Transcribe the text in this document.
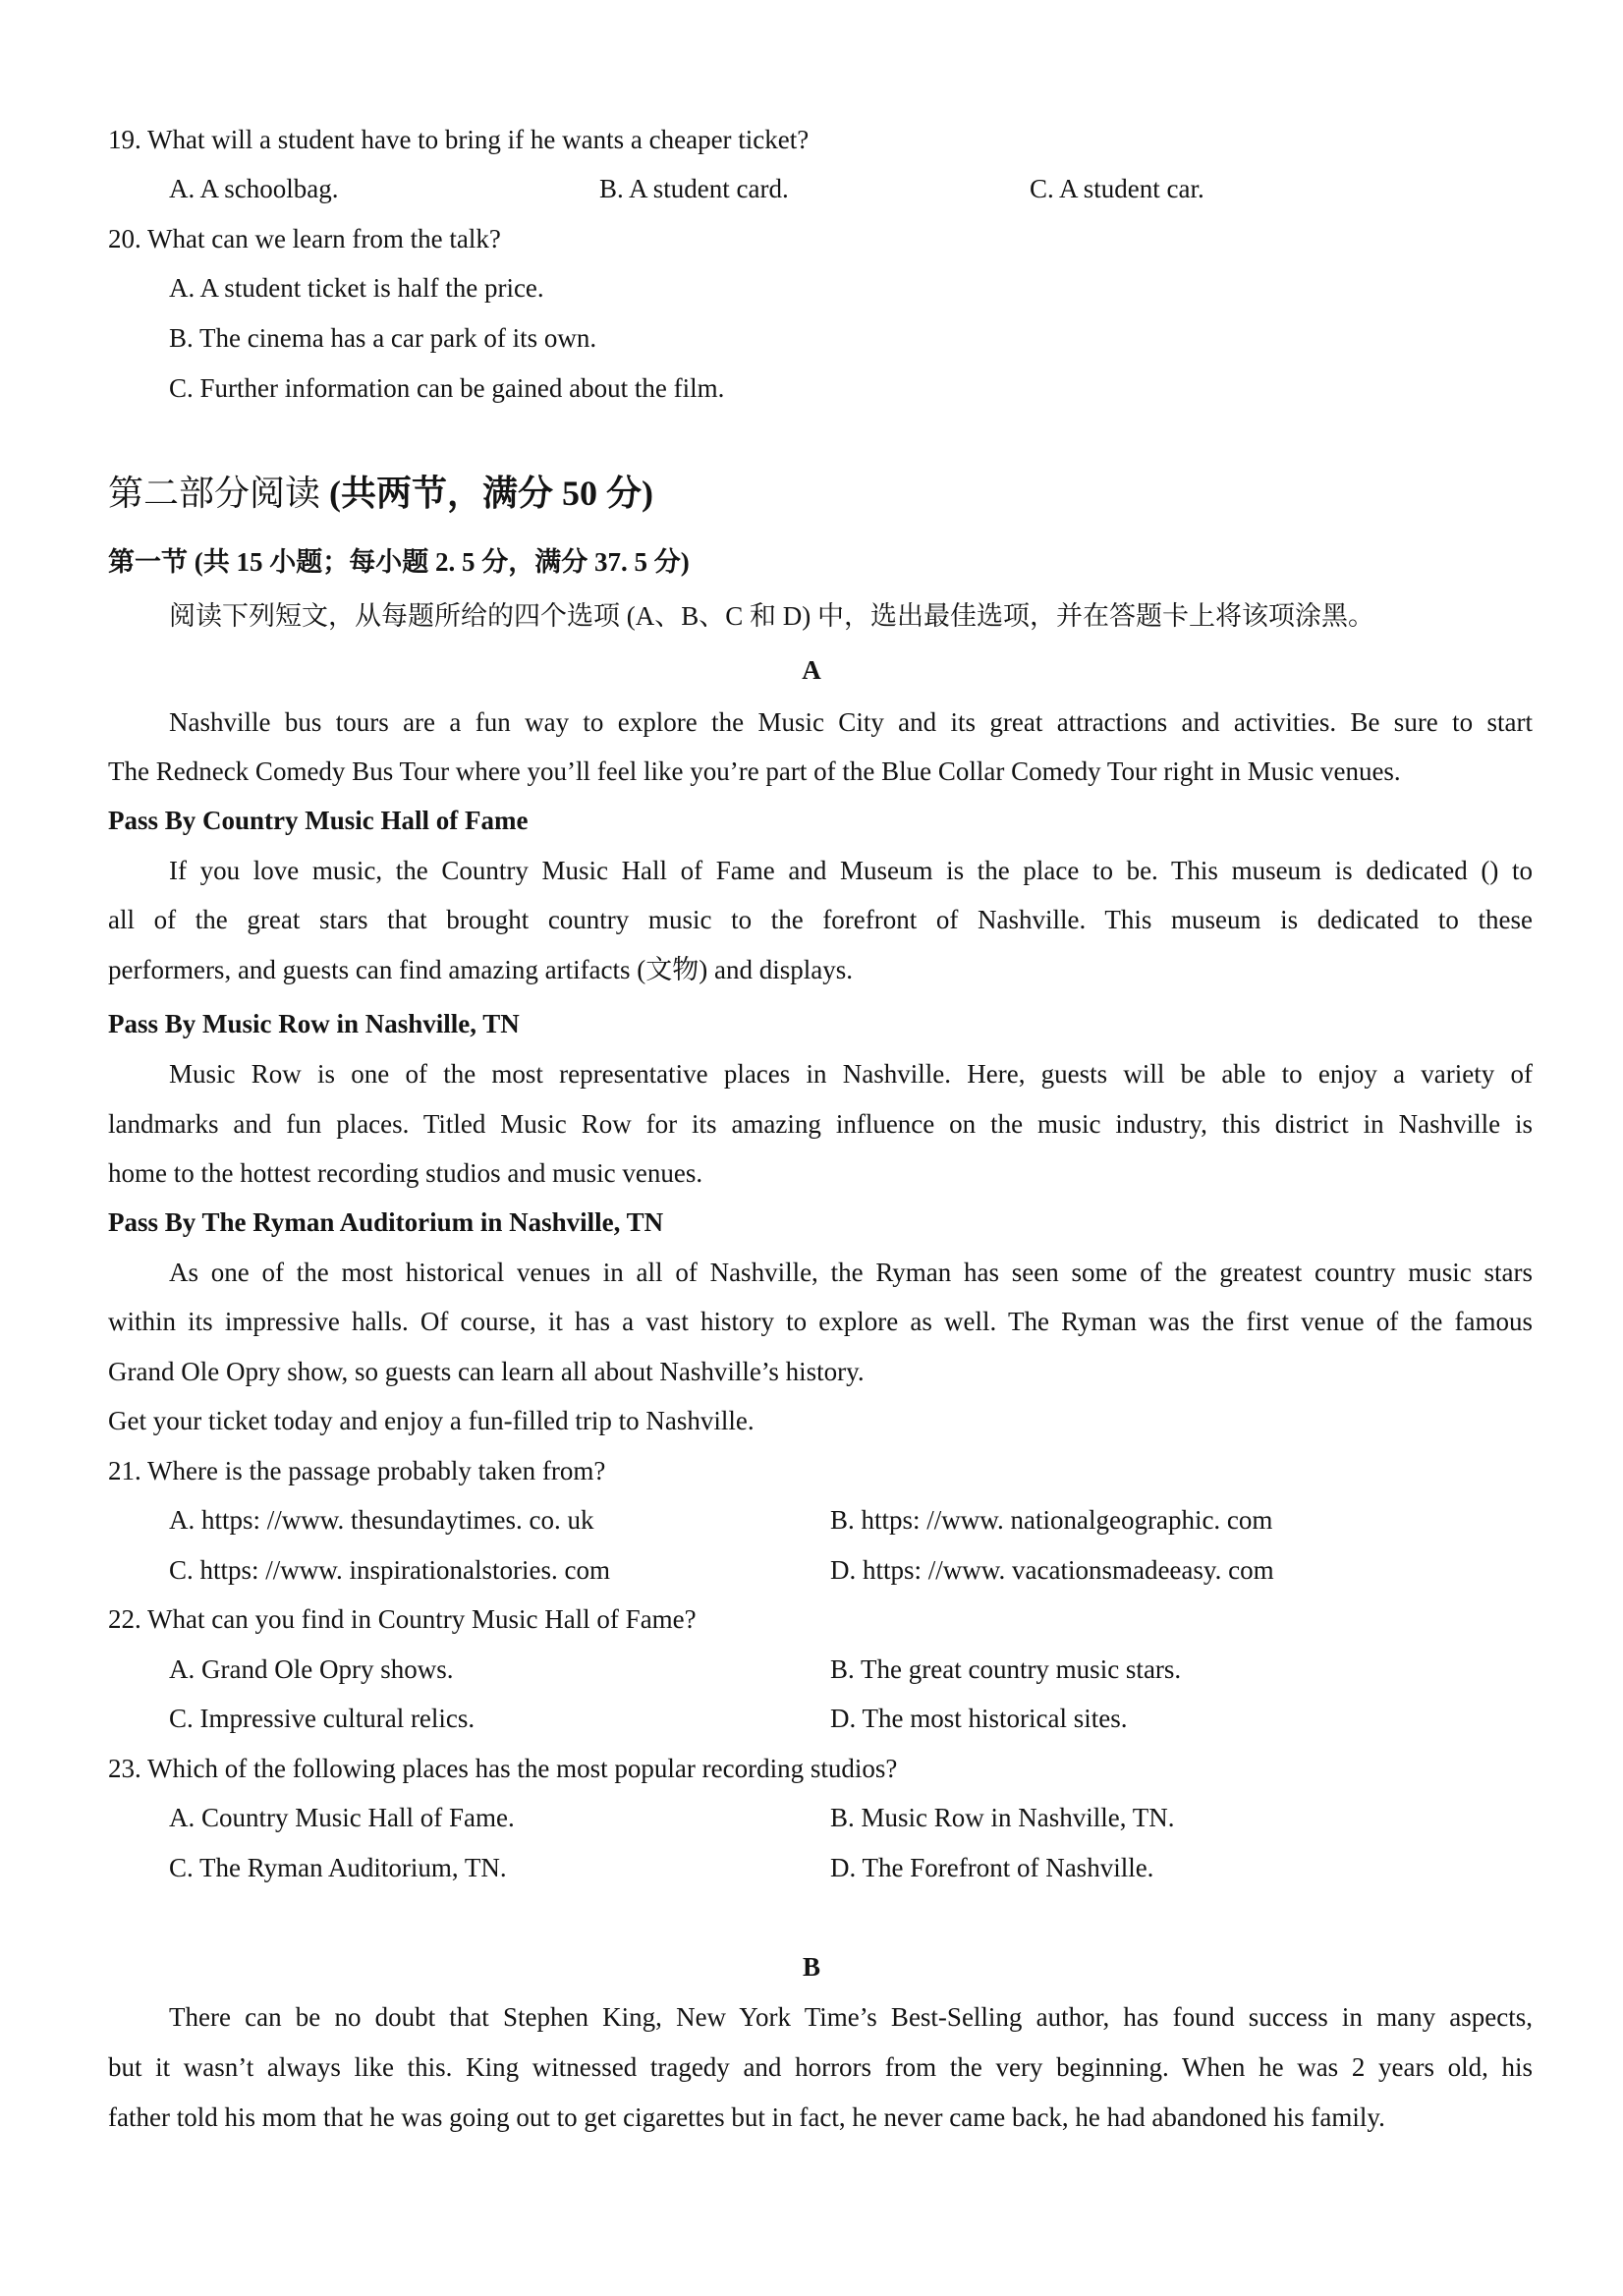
19. What will a student have to bring if he wants a cheaper ticket?
A. A schoolbag.	B. A student card.	C. A student car.
20. What can we learn from the talk?
A. A student ticket is half the price.
B. The cinema has a car park of its own.
C. Further information can be gained about the film.
第二部分阅读 (共两节，满分 50 分)
第一节 (共 15 小题；每小题 2. 5 分，满分 37. 5 分)
阅读下列短文，从每题所给的四个选项 (A、B、C 和 D) 中，选出最佳选项，并在答题卡上将该项涂黑。
A
Nashville bus tours are a fun way to explore the Music City and its great attractions and activities. Be sure to start
The Redneck Comedy Bus Tour where you’ll feel like you’re part of the Blue Collar Comedy Tour right in Music venues.
Pass By Country Music Hall of Fame
If you love music, the Country Music Hall of Fame and Museum is the place to be. This museum is dedicated () to
all of the great stars that brought country music to the forefront of Nashville. This museum is dedicated to these
performers, and guests can find amazing artifacts (文物) and displays.
Pass By Music Row in Nashville, TN
Music Row is one of the most representative places in Nashville. Here, guests will be able to enjoy a variety of
landmarks and fun places. Titled Music Row for its amazing influence on the music industry, this district in Nashville is
home to the hottest recording studios and music venues.
Pass By The Ryman Auditorium in Nashville, TN
As one of the most historical venues in all of Nashville, the Ryman has seen some of the greatest country music stars
within its impressive halls. Of course, it has a vast history to explore as well. The Ryman was the first venue of the famous
Grand Ole Opry show, so guests can learn all about Nashville’s history.
Get your ticket today and enjoy a fun-filled trip to Nashville.
21. Where is the passage probably taken from?
A. https: //www. thesundaytimes. co. uk	B. https: //www. nationalgeographic. com
C. https: //www. inspirationalstories. com	D. https: //www. vacationsmadeeasy. com
22. What can you find in Country Music Hall of Fame?
A. Grand Ole Opry shows.	B. The great country music stars.
C. Impressive cultural relics.	D. The most historical sites.
23. Which of the following places has the most popular recording studios?
A. Country Music Hall of Fame.	B. Music Row in Nashville, TN.
C. The Ryman Auditorium, TN.	D. The Forefront of Nashville.
B
There can be no doubt that Stephen King, New York Time’s Best-Selling author, has found success in many aspects,
but it wasn’t always like this. King witnessed tragedy and horrors from the very beginning. When he was 2 years old, his
father told his mom that he was going out to get cigarettes but in fact, he never came back, he had abandoned his family.
